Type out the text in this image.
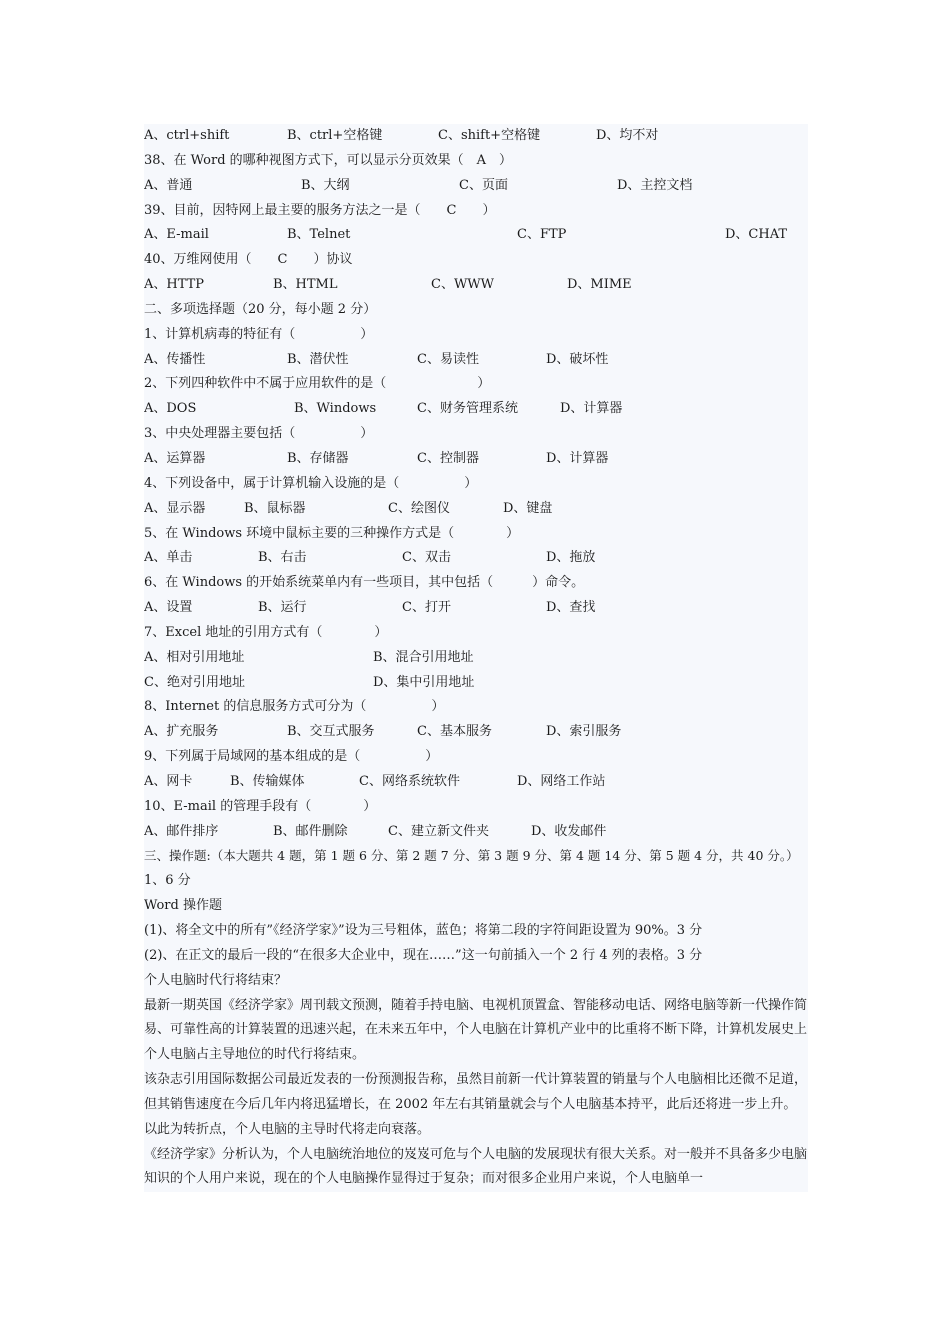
A、ctrl+shift

	B、ctrl+空格键

	C、shift+空格键

	D、均不对

38、在 Word 的哪种视图方式下，可以显示分页效果（　A　）

A、普通

	B、大纲

	C、页面

	D、主控文档

39、目前，因特网上最主要的服务方法之一是（　　C　　）

A、E-mail

	B、Telnet

	C、FTP

	D、CHAT

40、万维网使用（　　C　　）协议

A、HTTP

	B、HTML

	C、WWW

	D、MIME

二、多项选择题（20 分，每小题 2 分）
1、计算机病毒的特征有（　　　　　）

A、传播性

	B、潜伏性

	C、易读性

	D、破坏性

2、下列四种软件中不属于应用软件的是（　　　　　　　）

A、DOS

	B、Windows

	C、财务管理系统

	D、计算器

3、中央处理器主要包括（　　　　　）

A、运算器

	B、存储器

	C、控制器

	D、计算器

4、下列设备中，属于计算机输入设施的是（　　　　　）

A、显示器

	B、鼠标器

	C、绘图仪

	D、键盘

5、在 Windows 环境中鼠标主要的三种操作方式是（　　　　）

A、单击

	B、右击

	C、双击

	D、拖放

6、在 Windows 的开始系统菜单内有一些项目，其中包括（　　　）命令。

A、设置

	B、运行

	C、打开

	D、查找

7、Excel 地址的引用方式有（　　　　）

A、相对引用地址

	B、混合引用地址

C、绝对引用地址

	D、集中引用地址

8、Internet 的信息服务方式可分为（　　　　　）

A、扩充服务

	B、交互式服务

	C、基本服务

	D、索引服务

9、下列属于局域网的基本组成的是（　　　　　）

A、网卡

	B、传输媒体

	C、网络系统软件

	D、网络工作站

10、E-mail 的管理手段有（　　　　）

A、邮件排序

	B、邮件删除

	C、建立新文件夹

	D、收发邮件

三、操作题:（本大题共 4 题，第 1 题 6 分、第 2 题 7 分、第 3 题 9 分、第 4 题 14 分、第 5 题 4 分，共 40 分。）
1、6 分
Word 操作题
(1)、将全文中的所有”《经济学家》”设为三号粗体，蓝色；将第二段的字符间距设置为 90%。3 分
(2)、在正文的最后一段的“在很多大企业中，现在……”这一句前插入一个 2 行 4 列的表格。3 分
个人电脑时代行将结束？
最新一期英国《经济学家》周刊载文预测，随着手持电脑、电视机顶置盒、智能移动电话、网络电脑等新一代操作简易、可靠性高的计算装置的迅速兴起，在未来五年中，个人电脑在计算机产业中的比重将不断下降，计算机发展史上个人电脑占主导地位的时代行将结束。
该杂志引用国际数据公司最近发表的一份预测报告称，虽然目前新一代计算装置的销量与个人电脑相比还微不足道，但其销售速度在今后几年内将迅猛增长，在 2002 年左右其销量就会与个人电脑基本持平，此后还将进一步上升。以此为转折点，个人电脑的主导时代将走向衰落。
《经济学家》分析认为，个人电脑统治地位的岌岌可危与个人电脑的发展现状有很大关系。对一般并不具备多少电脑知识的个人用户来说，现在的个人电脑操作显得过于复杂；而对很多企业用户来说，个人电脑单一
